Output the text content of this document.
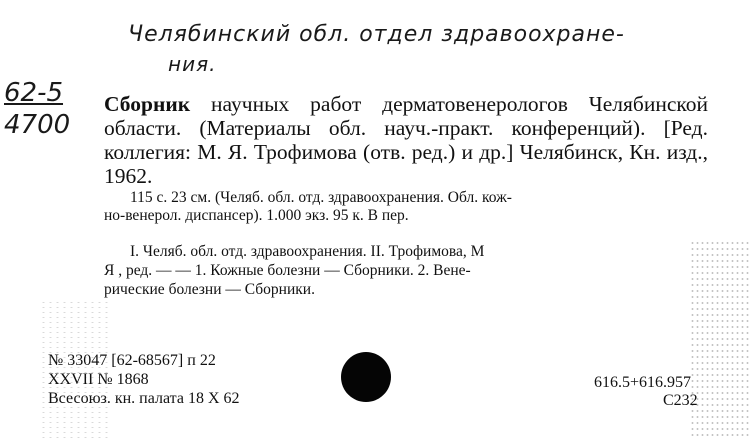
Челябинский обл. отдел здравоохране-
ния.
62-5
4700
Сборник научных работ дерматовенерологов Челябинской области. (Материалы обл. науч.-практ. конференций). [Ред. коллегия: М. Я. Трофимова (отв. ред.) и др.] Челябинск, Кн. изд., 1962.
115 с. 23 см. (Челяб. обл. отд. здравоохранения. Обл. кож-
но-венерол. диспансер). 1.000 экз. 95 к. В пер.
I. Челяб. обл. отд. здравоохранения. II. Трофимова, М
Я , ред. — — 1. Кожные болезни — Сборники. 2. Вене-
рические болезни — Сборники.
№ 33047 [62-68567] п 22
XXVII № 1868
Всесоюз. кн. палата 18 X 62
616.5+616.957
C232
